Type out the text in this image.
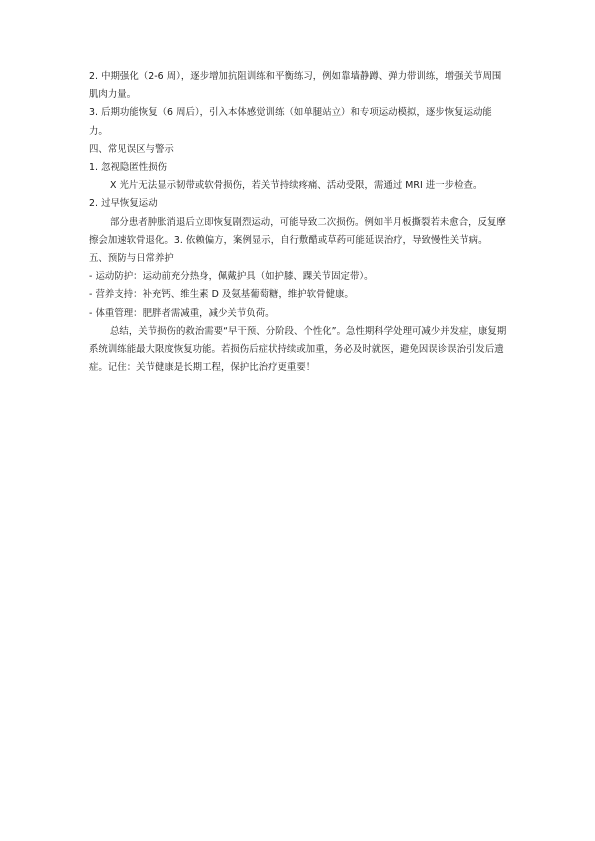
2. 中期强化（2-6 周），逐步增加抗阻训练和平衡练习，例如靠墙静蹲、弹力带训练，增强关节周围肌肉力量。

3. 后期功能恢复（6 周后），引入本体感觉训练（如单腿站立）和专项运动模拟，逐步恢复运动能力。

四、常见误区与警示

1. 忽视隐匿性损伤

X 光片无法显示韧带或软骨损伤，若关节持续疼痛、活动受限，需通过 MRI 进一步检查。

2. 过早恢复运动

部分患者肿胀消退后立即恢复剧烈运动，可能导致二次损伤。例如半月板撕裂若未愈合，反复摩擦会加速软骨退化。3. 依赖偏方，案例显示，自行敷醋或草药可能延误治疗，导致慢性关节病。

五、预防与日常养护

- 运动防护：运动前充分热身，佩戴护具（如护膝、踝关节固定带）。

- 营养支持：补充钙、维生素 D 及氨基葡萄糖，维护软骨健康。

- 体重管理：肥胖者需减重，减少关节负荷。

总结，关节损伤的救治需要“早干预、分阶段、个性化”。急性期科学处理可减少并发症，康复期系统训练能最大限度恢复功能。若损伤后症状持续或加重，务必及时就医，避免因误诊误治引发后遗症。记住：关节健康是长期工程，保护比治疗更重要！
